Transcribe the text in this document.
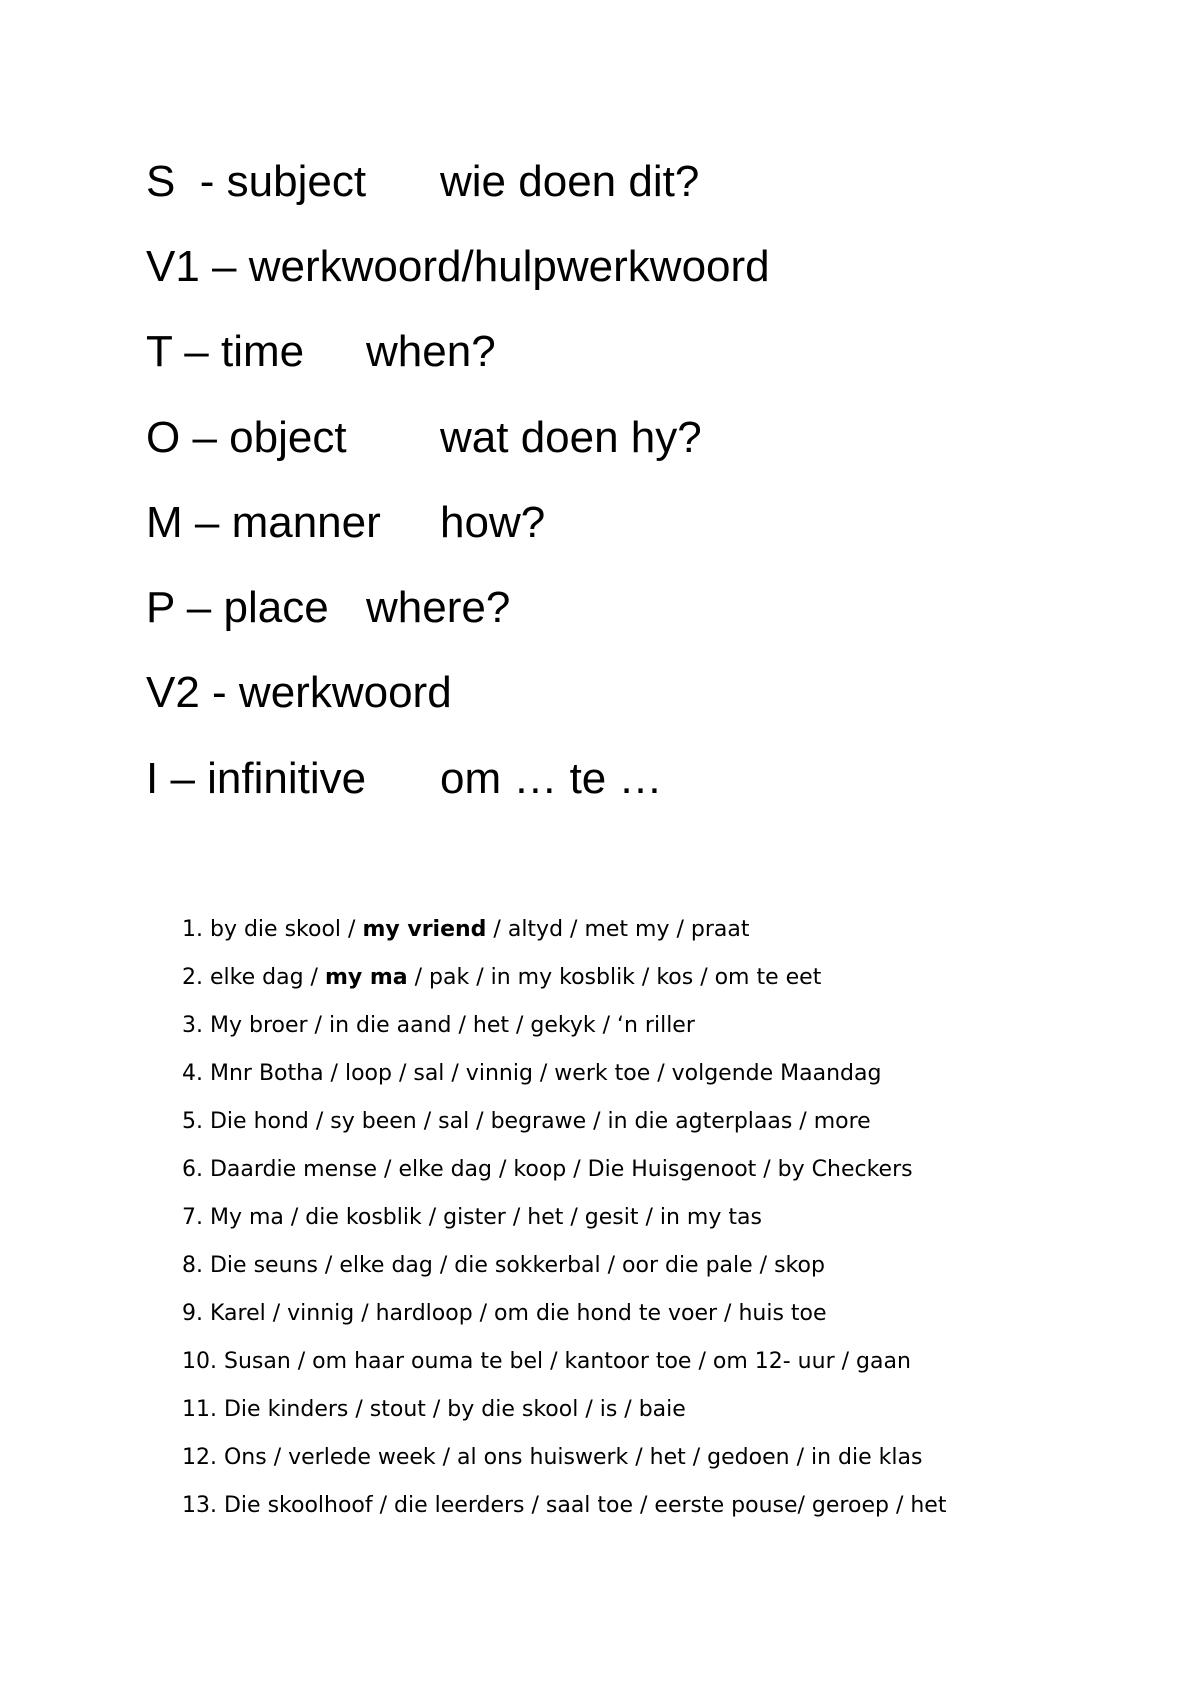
S  - subject

wie doen dit?

V1 – werkwoord/hulpwerkwoord

T – time

when?

O – object

wat doen hy?

M – manner

how?

P – place

where?

V2 - werkwoord

I – infinitive

om … te …

1. by die skool / my vriend / altyd / met my / praat
2. elke dag / my ma / pak / in my kosblik / kos / om te eet
3. My broer / in die aand / het / gekyk / ‘n riller
4. Mnr Botha / loop / sal / vinnig / werk toe / volgende Maandag
5. Die hond / sy been / sal / begrawe / in die agterplaas / more
6. Daardie mense / elke dag / koop / Die Huisgenoot / by Checkers
7. My ma / die kosblik / gister / het / gesit / in my tas
8. Die seuns / elke dag / die sokkerbal / oor die pale / skop
9. Karel / vinnig / hardloop / om die hond te voer / huis toe
10. Susan / om haar ouma te bel / kantoor toe / om 12- uur / gaan
11. Die kinders / stout / by die skool / is / baie
12. Ons / verlede week / al ons huiswerk / het / gedoen / in die klas
13. Die skoolhoof / die leerders / saal toe / eerste pouse/ geroep / het
